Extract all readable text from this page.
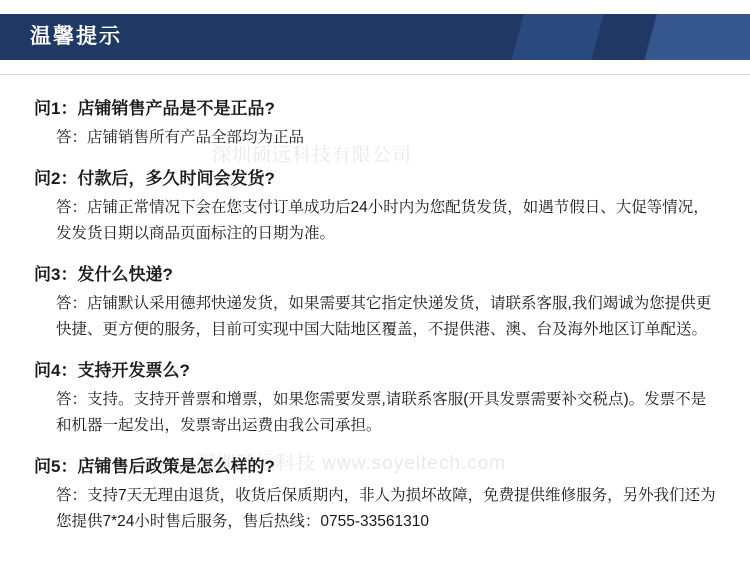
温馨提示
深圳硕远科技有限公司
深圳硕远科技 www.soyeltech.com

问1：店铺销售产品是不是正品?

答：店铺销售所有产品全部均为正品

问2：付款后，多久时间会发货?

答：店铺正常情况下会在您支付订单成功后24小时内为您配货发货，如遇节假日、大促等情况，发发货日期以商品页面标注的日期为准。

问3：发什么快递?

答：店铺默认采用德邦快递发货，如果需要其它指定快递发货，请联系客服,我们竭诚为您提供更快捷、更方便的服务，目前可实现中国大陆地区覆盖，不提供港、澳、台及海外地区订单配送。

问4：支持开发票么?

答：支持。支持开普票和增票，如果您需要发票,请联系客服(开具发票需要补交税点)。发票不是和机器一起发出，发票寄出运费由我公司承担。

问5：店铺售后政策是怎么样的?

答：支持7天无理由退货，收货后保质期内，非人为损坏故障，免费提供维修服务，另外我们还为您提供7*24小时售后服务，售后热线：0755-33561310
